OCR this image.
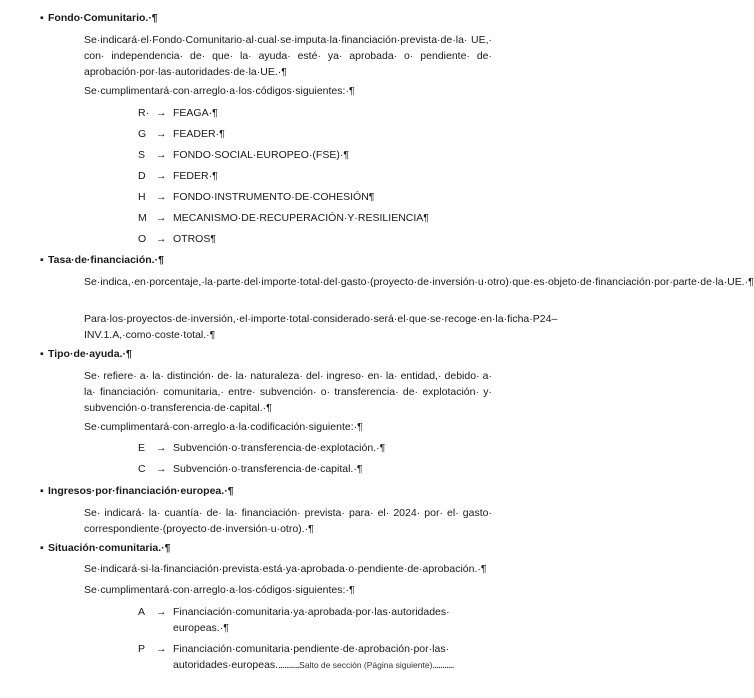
▪ Fondo·Comunitario.·¶
Se·indicará·el·Fondo·Comunitario·al·cual·se·imputa·la·financiación·prevista·de·la· UE,· con· independencia· de· que· la· ayuda· esté· ya· aprobada· o· pendiente· de· aprobación·por·las·autoridades·de·la·UE.·¶
Se·cumplimentará·con·arreglo·a·los·códigos·siguientes:·¶
R· → FEAGA·¶
G → FEADER·¶
S	→ FONDO·SOCIAL·EUROPEO·(FSE)·¶
D → FEDER·¶
H → FONDO·INSTRUMENTO·DE·COHESIÓN¶
M → MECANISMO·DE·RECUPERACIÓN·Y·RESILIENCIA¶
O → OTROS¶
▪ Tasa·de·financiación.·¶
Se·indica,·en·porcentaje,·la·parte·del·importe·total·del·gasto·(proyecto·de·inversión·u·otro)·que·es·objeto·de·financiación·por·parte·de·la·UE.·¶
Para·los·proyectos·de·inversión,·el·importe·total·considerado·será·el·que·se·recoge·en·la·ficha·P24–INV.1.A,·como·coste·total.·¶
▪ Tipo·de·ayuda.·¶
Se· refiere· a· la· distinción· de· la· naturaleza· del· ingreso· en· la· entidad,· debido· a· la· financiación· comunitaria,· entre· subvención· o· transferencia· de· explotación· y· subvención·o·transferencia·de·capital.·¶
Se·cumplimentará·con·arreglo·a·la·codificación·siguiente:·¶
E	→ Subvención·o·transferencia·de·explotación.·¶
C → Subvención·o·transferencia·de·capital.·¶
▪ Ingresos·por·financiación·europea.·¶
Se· indicará· la· cuantía· de· la· financiación· prevista· para· el· 2024· por· el· gasto· correspondiente·(proyecto·de·inversión·u·otro).·¶
▪ Situación·comunitaria.·¶
Se·indicará·si·la·financiación·prevista·está·ya·aprobada·o·pendiente·de·aprobación.·¶
Se·cumplimentará·con·arreglo·a·los·códigos·siguientes:·¶
A → Financiación·comunitaria·ya·aprobada·por·las·autoridades· europeas.·¶
P → Financiación·comunitaria·pendiente·de·aprobación·por·las· autoridades·europeas............Salto de sección (Página siguiente)...........
